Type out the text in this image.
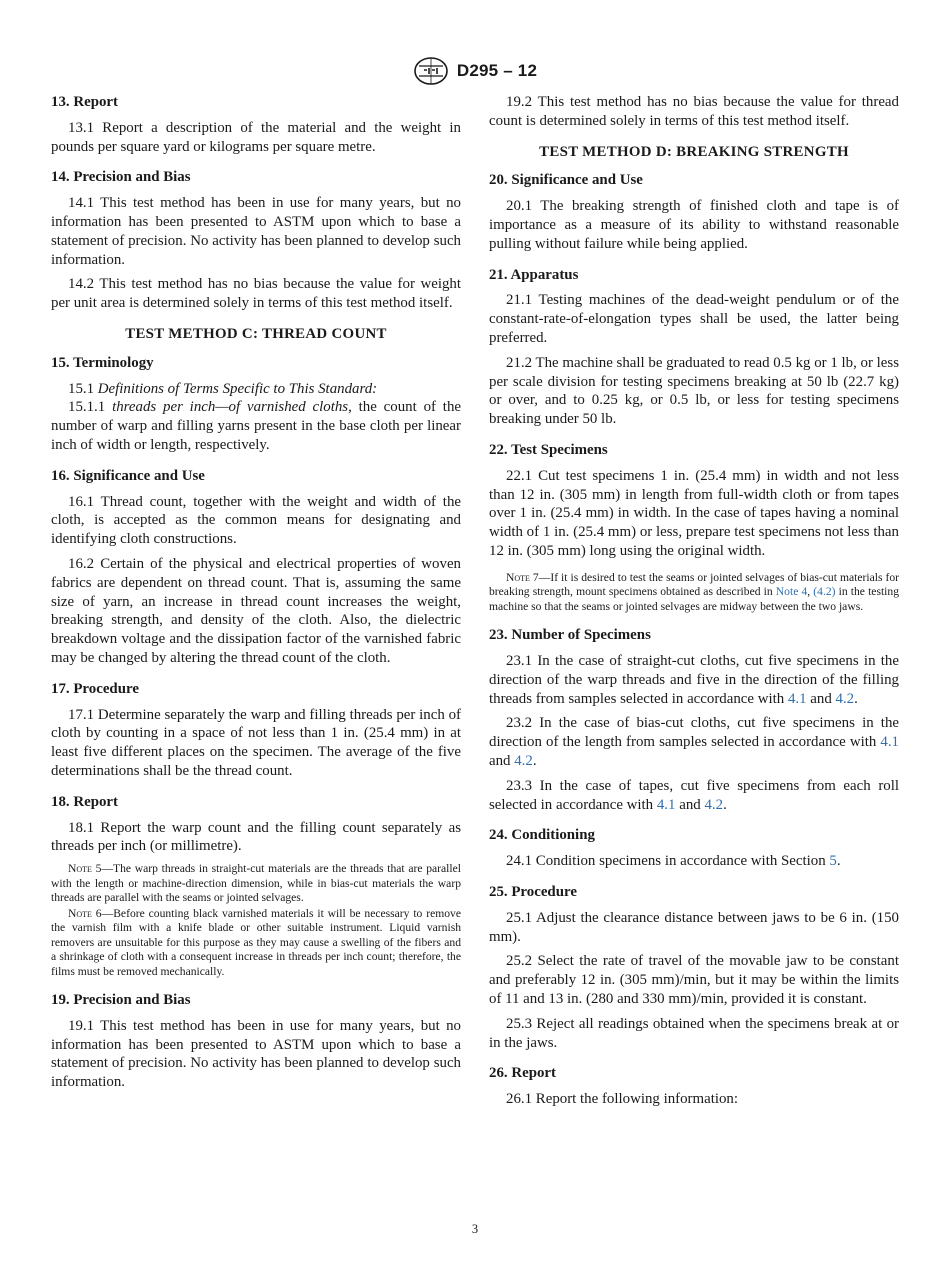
D295 – 12
13. Report

13.1 Report a description of the material and the weight in pounds per square yard or kilograms per square metre.

14. Precision and Bias

14.1 This test method has been in use for many years, but no information has been presented to ASTM upon which to base a statement of precision. No activity has been planned to develop such information.

14.2 This test method has no bias because the value for weight per unit area is determined solely in terms of this test method itself.

TEST METHOD C: THREAD COUNT
15. Terminology

15.1 Definitions of Terms Specific to This Standard:

15.1.1 threads per inch—of varnished cloths, the count of the number of warp and filling yarns present in the base cloth per linear inch of width or length, respectively.

16. Significance and Use

16.1 Thread count, together with the weight and width of the cloth, is accepted as the common means for designating and identifying cloth constructions.

16.2 Certain of the physical and electrical properties of woven fabrics are dependent on thread count. That is, assuming the same size of yarn, an increase in thread count increases the weight, breaking strength, and density of the cloth. Also, the dielectric breakdown voltage and the dissipation factor of the varnished fabric may be changed by altering the thread count of the cloth.

17. Procedure

17.1 Determine separately the warp and filling threads per inch of cloth by counting in a space of not less than 1 in. (25.4 mm) in at least five different places on the specimen. The average of the five determinations shall be the thread count.

18. Report

18.1 Report the warp count and the filling count separately as threads per inch (or millimetre).

Note 5—The warp threads in straight-cut materials are the threads that are parallel with the length or machine-direction dimension, while in bias-cut materials the warp threads are parallel with the seams or jointed selvages.

Note 6—Before counting black varnished materials it will be necessary to remove the varnish film with a knife blade or other suitable instrument. Liquid varnish removers are unsuitable for this purpose as they may cause a swelling of the fibers and a shrinkage of cloth with a consequent increase in threads per inch count; therefore, the films must be removed mechanically.

19. Precision and Bias

19.1 This test method has been in use for many years, but no information has been presented to ASTM upon which to base a statement of precision. No activity has been planned to develop such information.

19.2 This test method has no bias because the value for thread count is determined solely in terms of this test method itself.

TEST METHOD D: BREAKING STRENGTH
20. Significance and Use

20.1 The breaking strength of finished cloth and tape is of importance as a measure of its ability to withstand reasonable pulling without failure while being applied.

21. Apparatus

21.1 Testing machines of the dead-weight pendulum or of the constant-rate-of-elongation types shall be used, the latter being preferred.

21.2 The machine shall be graduated to read 0.5 kg or 1 lb, or less per scale division for testing specimens breaking at 50 lb (22.7 kg) or over, and to 0.25 kg, or 0.5 lb, or less for testing specimens breaking under 50 lb.

22. Test Specimens

22.1 Cut test specimens 1 in. (25.4 mm) in width and not less than 12 in. (305 mm) in length from full-width cloth or from tapes over 1 in. (25.4 mm) in width. In the case of tapes having a nominal width of 1 in. (25.4 mm) or less, prepare test specimens not less than 12 in. (305 mm) long using the original width.

Note 7—If it is desired to test the seams or jointed selvages of bias-cut materials for breaking strength, mount specimens obtained as described in Note 4, (4.2) in the testing machine so that the seams or jointed selvages are midway between the two jaws.

23. Number of Specimens

23.1 In the case of straight-cut cloths, cut five specimens in the direction of the warp threads and five in the direction of the filling threads from samples selected in accordance with 4.1 and 4.2.

23.2 In the case of bias-cut cloths, cut five specimens in the direction of the length from samples selected in accordance with 4.1 and 4.2.

23.3 In the case of tapes, cut five specimens from each roll selected in accordance with 4.1 and 4.2.

24. Conditioning

24.1 Condition specimens in accordance with Section 5.

25. Procedure

25.1 Adjust the clearance distance between jaws to be 6 in. (150 mm).

25.2 Select the rate of travel of the movable jaw to be constant and preferably 12 in. (305 mm)/min, but it may be within the limits of 11 and 13 in. (280 and 330 mm)/min, provided it is constant.

25.3 Reject all readings obtained when the specimens break at or in the jaws.

26. Report

26.1 Report the following information:

3
